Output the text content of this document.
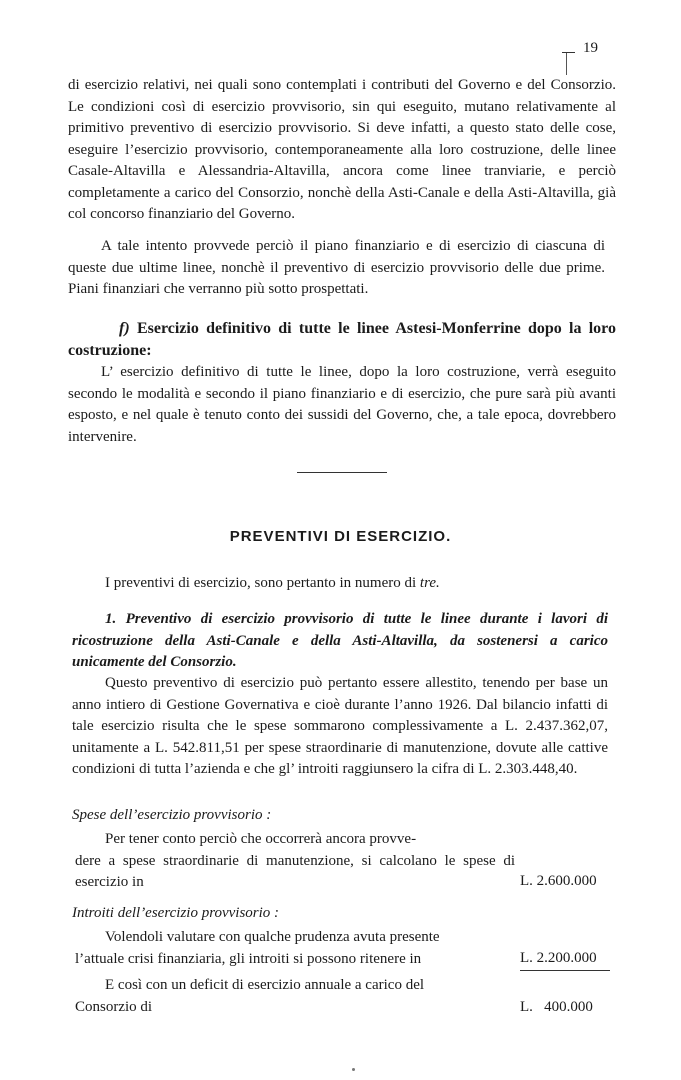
19

di esercizio relativi, nei quali sono contemplati i contributi del Governo e del Consorzio. Le condizioni così di esercizio provvisorio, sin qui eseguito, mutano relativamente al primitivo preventivo di esercizio provvisorio. Si deve infatti, a questo stato delle cose, eseguire l’esercizio provvisorio, contemporaneamente alla loro costruzione, delle linee Casale-Altavilla e Alessandria-Altavilla, ancora come linee tranviarie, e perciò completamente a carico del Consorzio, nonchè della Asti-Canale e della Asti-Altavilla, già col concorso finanziario del Governo.

A tale intento provvede perciò il piano finanziario e di esercizio di ciascuna di queste due ultime linee, nonchè il preventivo di esercizio provvisorio delle due prime. Piani finanziari che verranno più sotto prospettati.

f) Esercizio definitivo di tutte le linee Astesi-Monferrine dopo la loro costruzione:

L’ esercizio definitivo di tutte le linee, dopo la loro costruzione, verrà eseguito secondo le modalità e secondo il piano finanziario e di esercizio, che pure sarà più avanti esposto, e nel quale è tenuto conto dei sussidi del Governo, che, a tale epoca, dovrebbero intervenire.

PREVENTIVI DI ESERCIZIO.

I preventivi di esercizio, sono pertanto in numero di tre.

1. Preventivo di esercizio provvisorio di tutte le linee durante i lavori di ricostruzione della Asti-Canale e della Asti-Altavilla, da sostenersi a carico unicamente del Consorzio.

Questo preventivo di esercizio può pertanto essere allestito, tenendo per base un anno intiero di Gestione Governativa e cioè durante l’anno 1926. Dal bilancio infatti di tale esercizio risulta che le spese sommarono complessivamente a L. 2.437.362,07, unitamente a L. 542.811,51 per spese straordinarie di manutenzione, dovute alle cattive condizioni di tutta l’azienda e che gl’ introiti raggiunsero la cifra di L. 2.303.448,40.

Spese dell’esercizio provvisorio :

Per tener conto perciò che occorrerà ancora provve-
dere a spese straordinarie di manutenzione, si calcolano le spese di esercizio in	L. 2.600.000

Introiti dell’esercizio provvisorio :

Volendoli valutare con qualche prudenza avuta presente
l’attuale crisi finanziaria, gli introiti si possono ritenere in	L. 2.200.000

E così con un deficit di esercizio annuale a carico del
Consorzio di	L.   400.000
